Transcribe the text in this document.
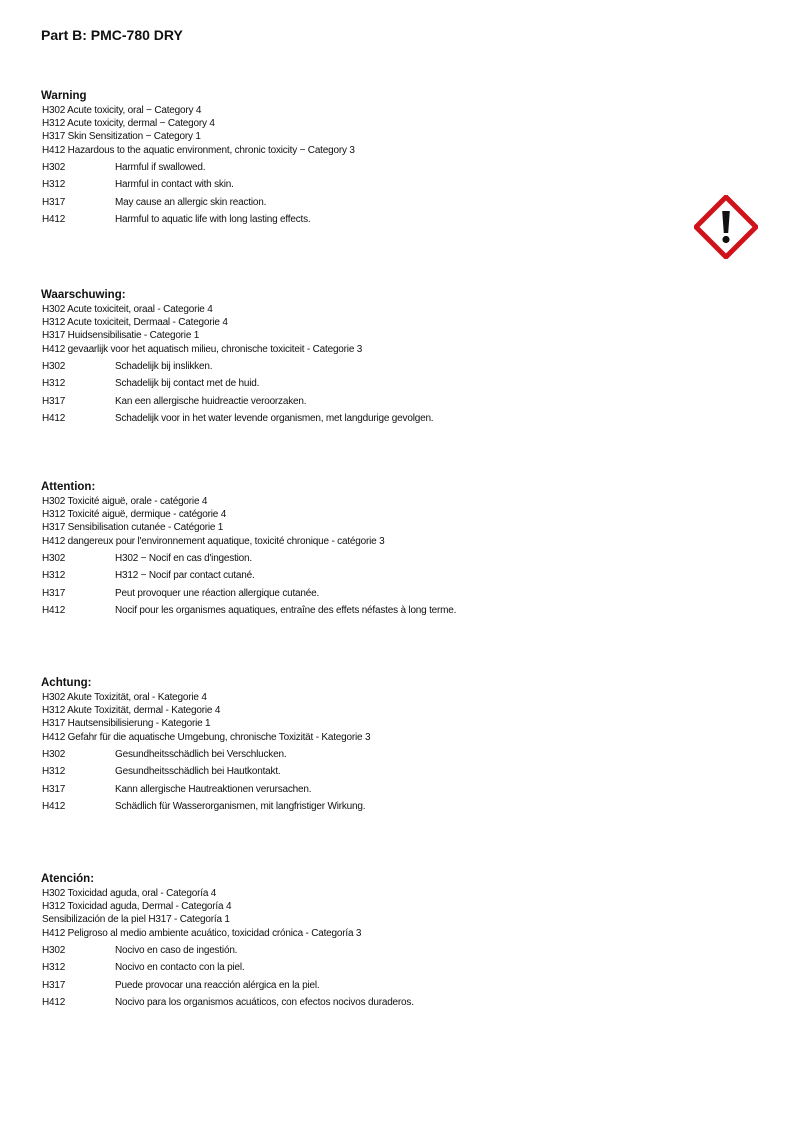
Part B: PMC-780 DRY
Warning
H302 Acute toxicity, oral − Category 4
H312 Acute toxicity, dermal − Category 4
H317 Skin Sensitization − Category 1
H412 Hazardous to the aquatic environment, chronic toxicity − Category 3
H302	Harmful if swallowed.
H312	Harmful in contact with skin.
H317	May cause an allergic skin reaction.
H412	Harmful to aquatic life with long lasting effects.
Waarschuwing:
H302 Acute toxiciteit, oraal - Categorie 4
H312 Acute toxiciteit, Dermaal - Categorie 4
H317 Huidsensibilisatie - Categorie 1
H412 gevaarlijk voor het aquatisch milieu, chronische toxiciteit - Categorie 3
H302	Schadelijk bij inslikken.
H312	Schadelijk bij contact met de huid.
H317	Kan een allergische huidreactie veroorzaken.
H412	Schadelijk voor in het water levende organismen, met langdurige gevolgen.
Attention:
H302 Toxicité aiguë, orale - catégorie 4
H312 Toxicité aiguë, dermique - catégorie 4
H317 Sensibilisation cutanée - Catégorie 1
H412 dangereux pour l'environnement aquatique, toxicité chronique - catégorie 3
H302	H302 − Nocif en cas d'ingestion.
H312	H312 − Nocif par contact cutané.
H317	Peut provoquer une réaction allergique cutanée.
H412	Nocif pour les organismes aquatiques, entraîne des effets néfastes à long terme.
Achtung:
H302 Akute Toxizität, oral - Kategorie 4
H312 Akute Toxizität, dermal - Kategorie 4
H317 Hautsensibilisierung - Kategorie 1
H412 Gefahr für die aquatische Umgebung, chronische Toxizität - Kategorie 3
H302	Gesundheitsschädlich bei Verschlucken.
H312	Gesundheitsschädlich bei Hautkontakt.
H317	Kann allergische Hautreaktionen verursachen.
H412	Schädlich für Wasserorganismen, mit langfristiger Wirkung.
Atención:
H302 Toxicidad aguda, oral - Categoría 4
H312 Toxicidad aguda, Dermal - Categoría 4
Sensibilización de la piel H317 - Categoría 1
H412 Peligroso al medio ambiente acuático, toxicidad crónica - Categoría 3
H302	Nocivo en caso de ingestión.
H312	Nocivo en contacto con la piel.
H317	Puede provocar una reacción alérgica en la piel.
H412	Nocivo para los organismos acuáticos, con efectos nocivos duraderos.
